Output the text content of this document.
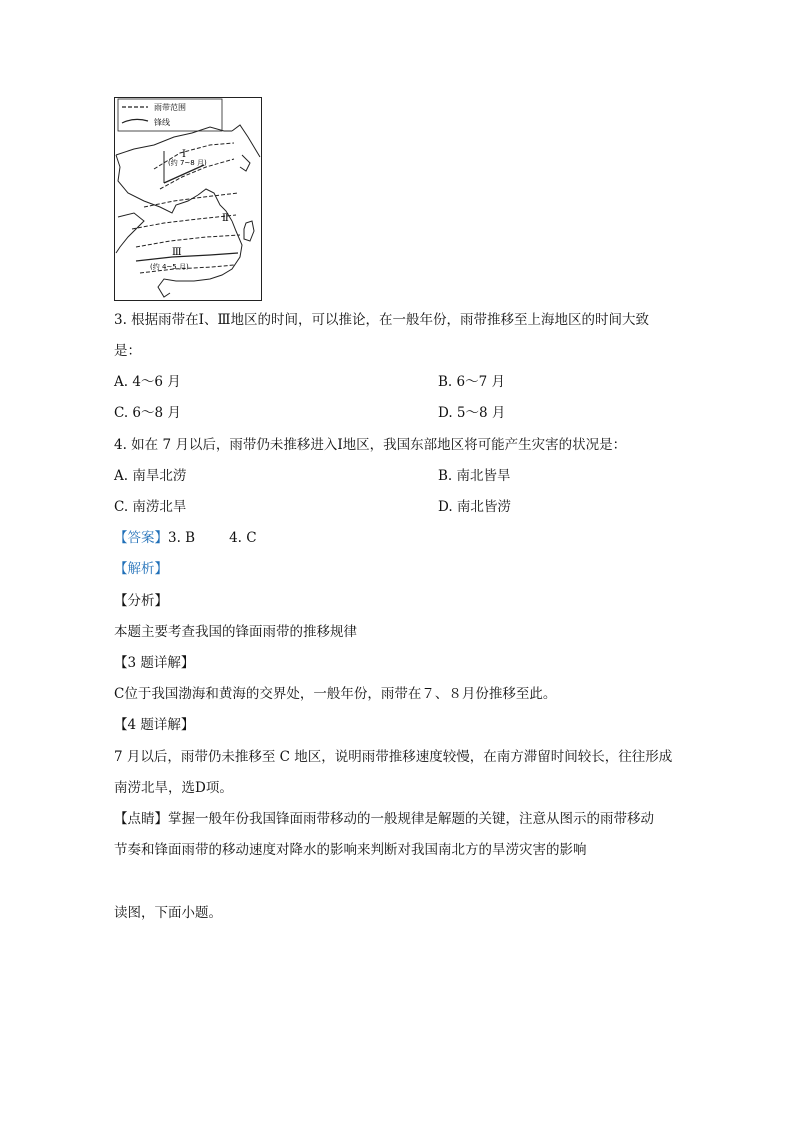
雨带范围
锋线
Ⅰ
(约 7~8 月)
Ⅱ
Ⅲ
(约 4~5 月)
3. 根据雨带在Ⅰ、Ⅲ地区的时间，可以推论，在一般年份，雨带推移至上海地区的时间大致
是：
A. 4～6 月	B. 6～7 月
C. 6～8 月	D. 5～8 月
4. 如在 7 月以后，雨带仍未推移进入Ⅰ地区，我国东部地区将可能产生灾害的状况是：
A. 南旱北涝	B. 南北皆旱
C. 南涝北旱	D. 南北皆涝
【答案】3. B	4. C
【解析】
【分析】
本题主要考查我国的锋面雨带的推移规律
【3 题详解】
C位于我国渤海和黄海的交界处，一般年份，雨带在７、８月份推移至此。
【4 题详解】
7 月以后，雨带仍未推移至 C 地区，说明雨带推移速度较慢，在南方滞留时间较长，往往形成
南涝北旱，选D项。
【点睛】掌握一般年份我国锋面雨带移动的一般规律是解题的关键，注意从图示的雨带移动
节奏和锋面雨带的移动速度对降水的影响来判断对我国南北方的旱涝灾害的影响
读图，下面小题。
